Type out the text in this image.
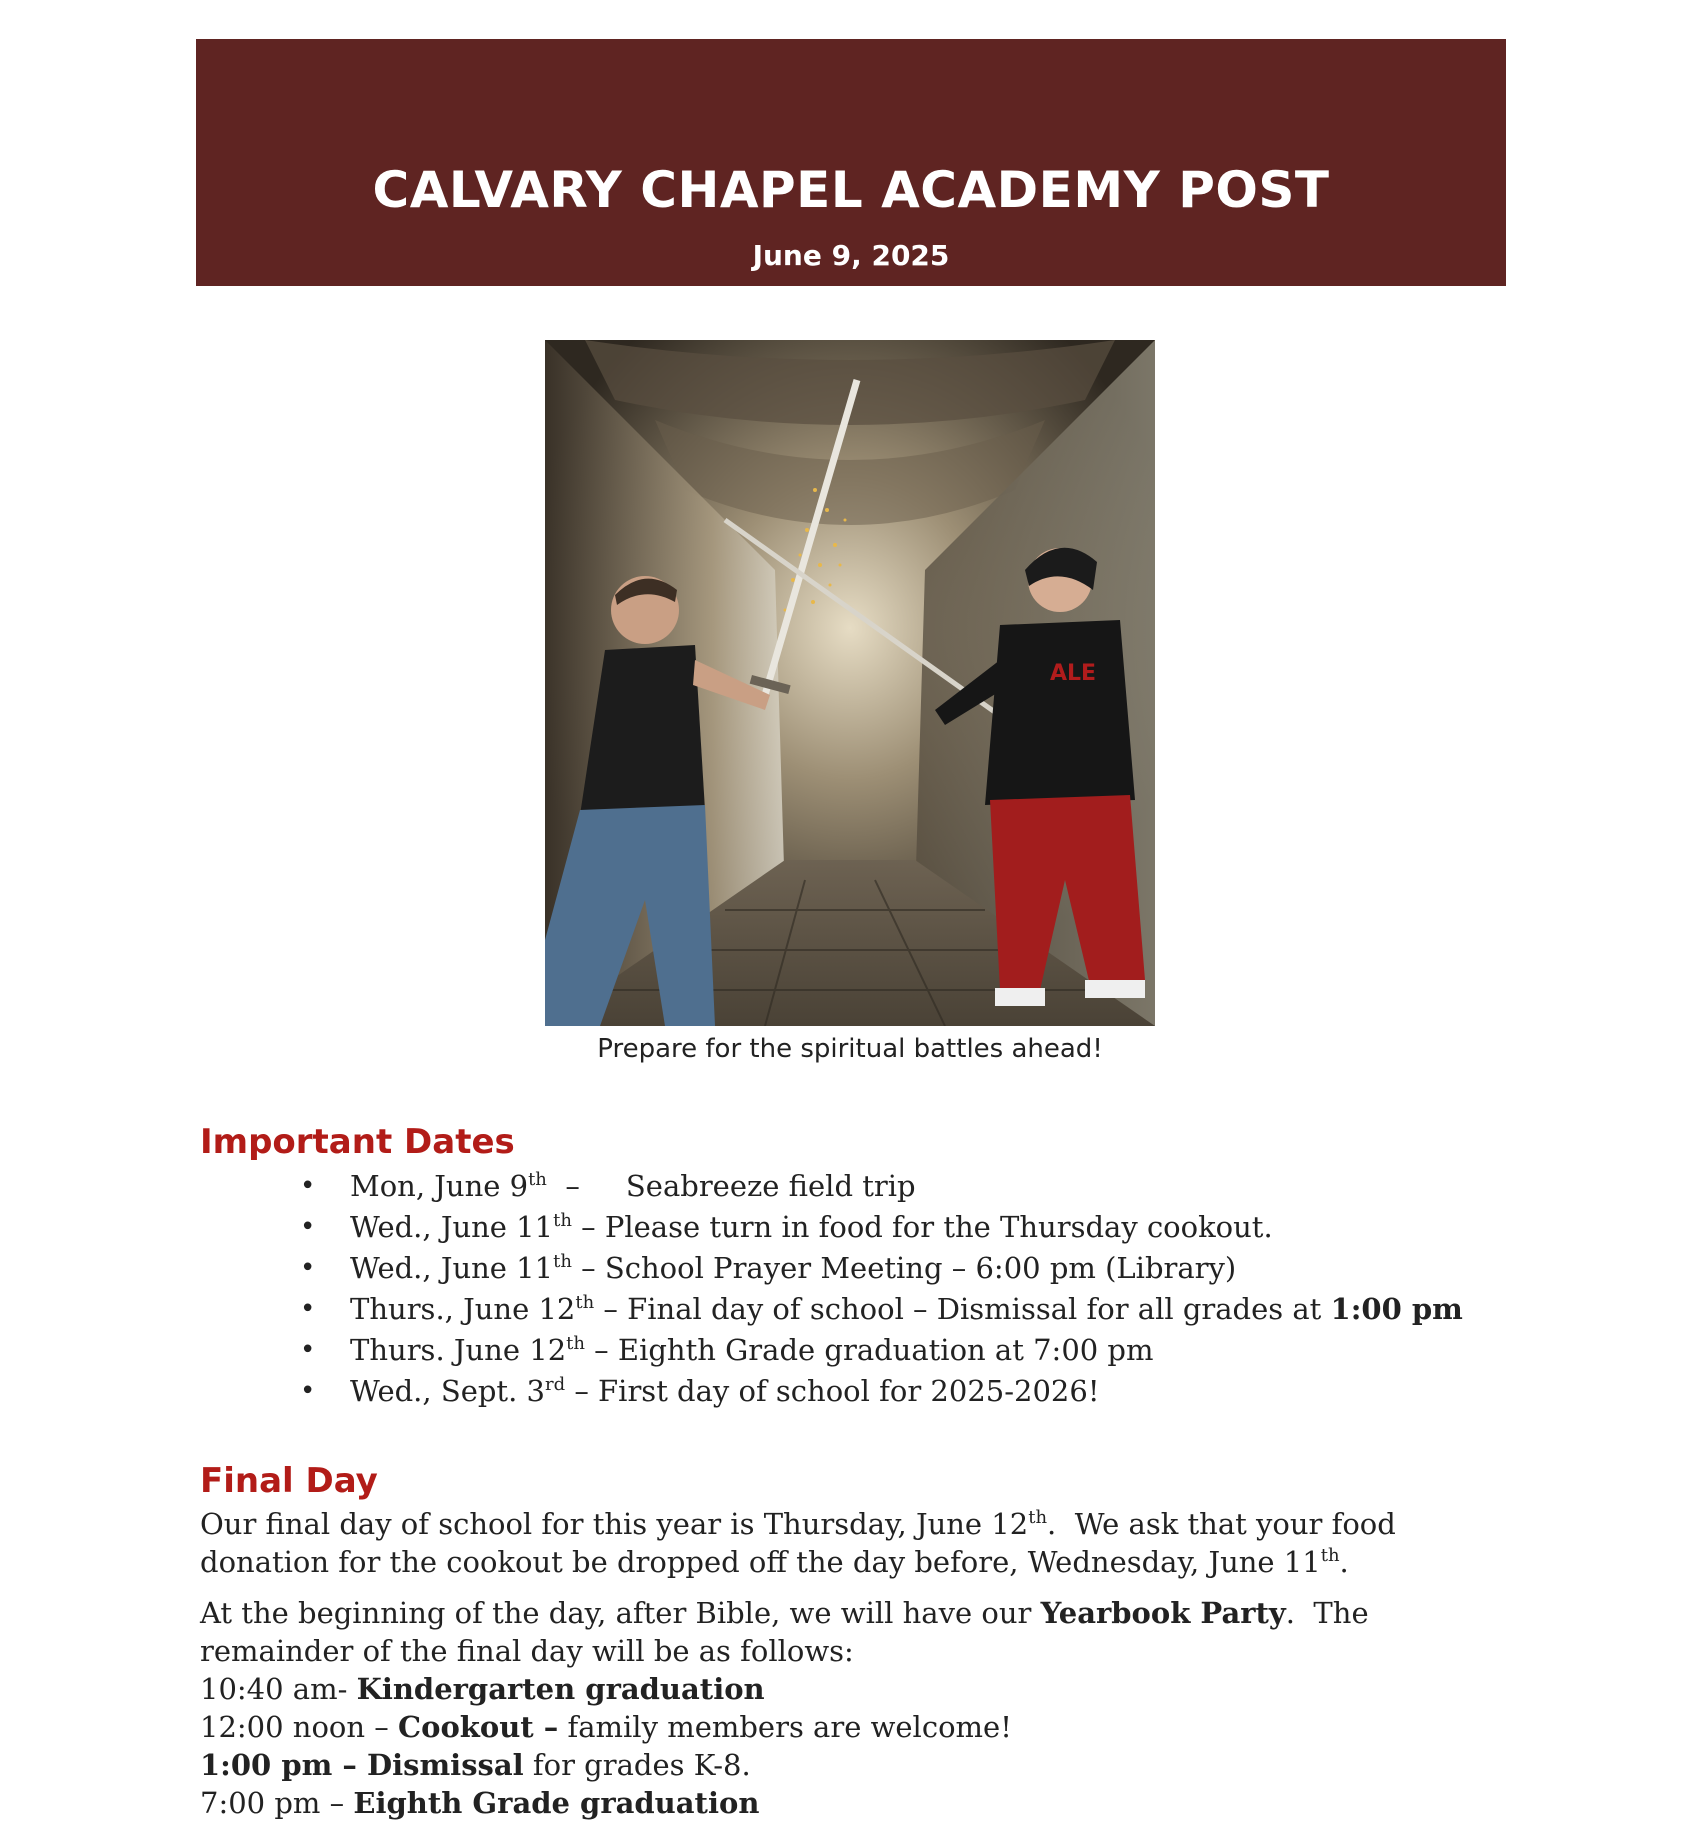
CALVARY CHAPEL ACADEMY POST
June 9, 2025
ALE
Prepare for the spiritual battles ahead!
Important Dates
• Mon, June 9th  –     Seabreeze field trip
• Wed., June 11th – Please turn in food for the Thursday cookout.
• Wed., June 11th – School Prayer Meeting – 6:00 pm (Library)
• Thurs., June 12th – Final day of school – Dismissal for all grades at 1:00 pm
• Thurs. June 12th – Eighth Grade graduation at 7:00 pm
• Wed., Sept. 3rd – First day of school for 2025-2026!
Final Day

Our final day of school for this year is Thursday, June 12th.  We ask that your food donation for the cookout be dropped off the day before, Wednesday, June 11th.

At the beginning of the day, after Bible, we will have our Yearbook Party.  The remainder of the final day will be as follows:

10:40 am- Kindergarten graduation
12:00 noon – Cookout – family members are welcome!
1:00 pm – Dismissal for grades K-8.
7:00 pm – Eighth Grade graduation
